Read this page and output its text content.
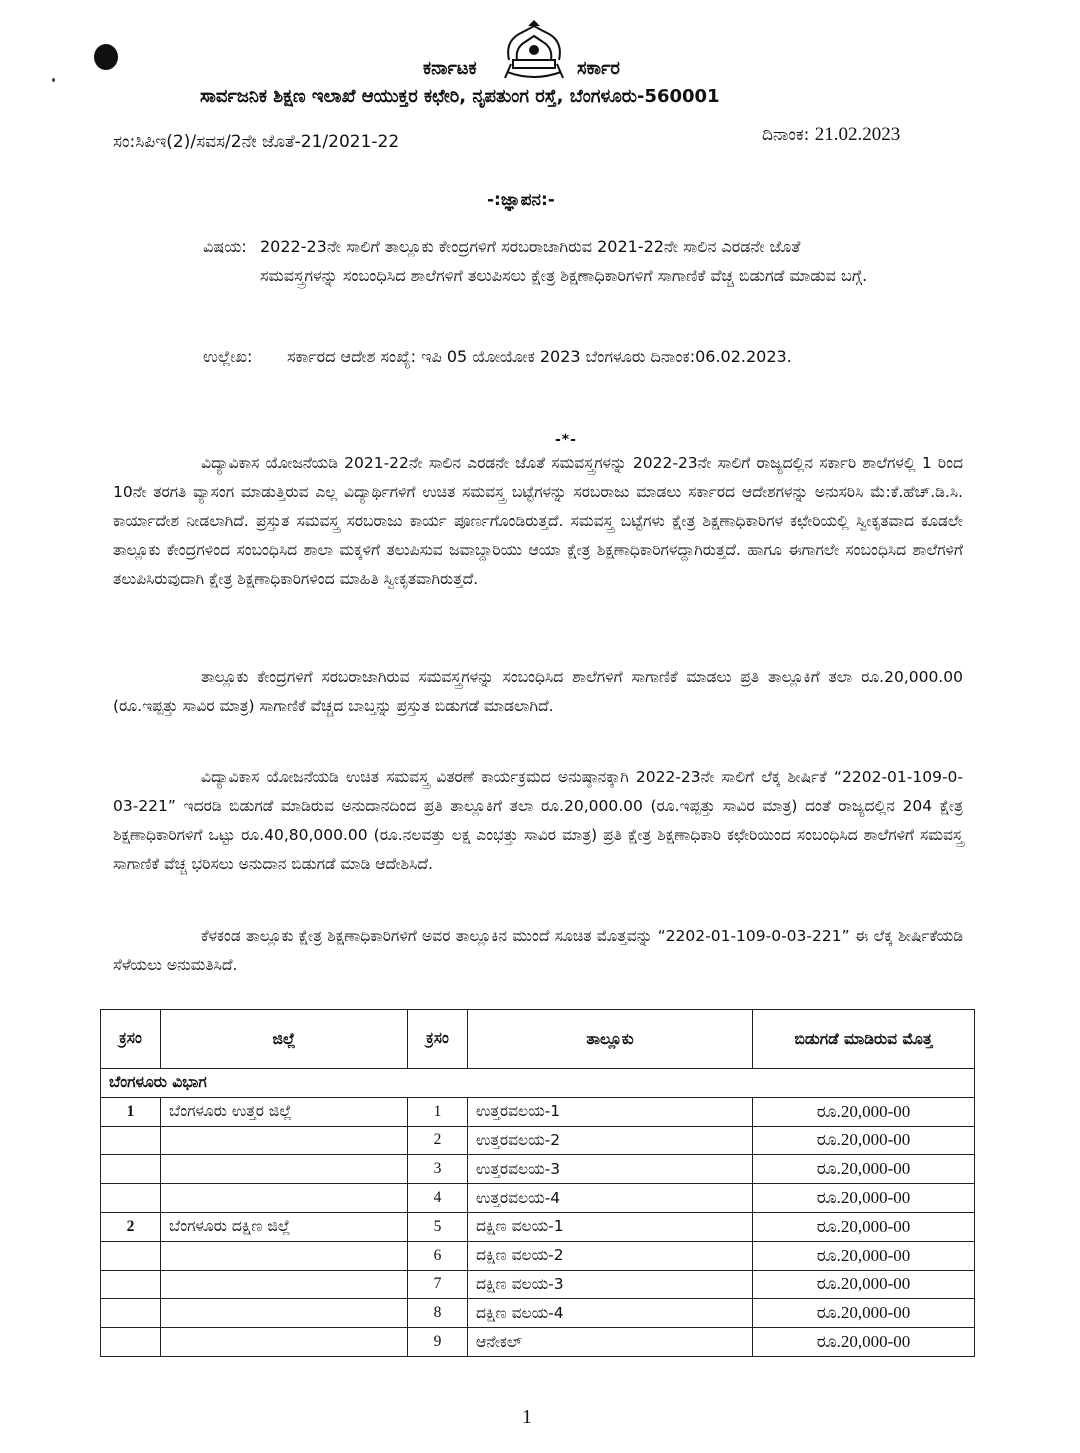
ಕರ್ನಾಟಕ	ಸರ್ಕಾರ
ಸಾರ್ವಜನಿಕ ಶಿಕ್ಷಣ ಇಲಾಖೆ ಆಯುಕ್ತರ ಕಛೇರಿ, ನೃಪತುಂಗ ರಸ್ತೆ, ಬೆಂಗಳೂರು-560001
ಸಂ:ಸಿಪಿಇ(2)/ಸವಸ/2ನೇ ಜೊತೆ-21/2021-22	ದಿನಾಂಕ: 21.02.2023
-:ಜ್ಞಾಪನ:-
ವಿಷಯ: 2022-23ನೇ ಸಾಲಿಗೆ ತಾಲ್ಲೂಕು ಕೇಂದ್ರಗಳಿಗೆ ಸರಬರಾಜಾಗಿರುವ 2021-22ನೇ ಸಾಲಿನ ಎರಡನೇ ಜೊತೆ ಸಮವಸ್ತ್ರಗಳನ್ನು ಸಂಬಂಧಿಸಿದ ಶಾಲೆಗಳಿಗೆ ತಲುಪಿಸಲು ಕ್ಷೇತ್ರ ಶಿಕ್ಷಣಾಧಿಕಾರಿಗಳಿಗೆ ಸಾಗಾಣಿಕೆ ವೆಚ್ಚ ಬಿಡುಗಡೆ ಮಾಡುವ ಬಗ್ಗೆ.
ಉಲ್ಲೇಖ: ಸರ್ಕಾರದ ಆದೇಶ ಸಂಖ್ಯೆ: ಇಪಿ 05 ಯೋಯೋಕ 2023 ಬೆಂಗಳೂರು ದಿನಾಂಕ:06.02.2023.
-*-
ವಿದ್ಯಾವಿಕಾಸ ಯೋಜನೆಯಡಿ 2021-22ನೇ ಸಾಲಿನ ಎರಡನೇ ಜೊತೆ ಸಮವಸ್ತ್ರಗಳನ್ನು 2022-23ನೇ ಸಾಲಿಗೆ ರಾಜ್ಯದಲ್ಲಿನ ಸರ್ಕಾರಿ ಶಾಲೆಗಳಲ್ಲಿ 1 ರಿಂದ 10ನೇ ತರಗತಿ ವ್ಯಾಸಂಗ ಮಾಡುತ್ತಿರುವ ಎಲ್ಲ ವಿದ್ಯಾರ್ಥಿಗಳಿಗೆ ಉಚಿತ ಸಮವಸ್ತ್ರ ಬಟ್ಟೆಗಳನ್ನು ಸರಬರಾಜು ಮಾಡಲು ಸರ್ಕಾರದ ಆದೇಶಗಳನ್ನು ಅನುಸರಿಸಿ ಮೆ:ಕೆ.ಹೆಚ್.ಡಿ.ಸಿ. ಕಾರ್ಯಾದೇಶ ನೀಡಲಾಗಿದೆ. ಪ್ರಸ್ತುತ ಸಮವಸ್ತ್ರ ಸರಬರಾಜು ಕಾರ್ಯ ಪೂರ್ಣಗೊಂಡಿರುತ್ತದೆ. ಸಮವಸ್ತ್ರ ಬಟ್ಟೆಗಳು ಕ್ಷೇತ್ರ ಶಿಕ್ಷಣಾಧಿಕಾರಿಗಳ ಕಛೇರಿಯಲ್ಲಿ ಸ್ವೀಕೃತವಾದ ಕೂಡಲೇ ತಾಲ್ಲೂಕು ಕೇಂದ್ರಗಳಿಂದ ಸಂಬಂಧಿಸಿದ ಶಾಲಾ ಮಕ್ಕಳಿಗೆ ತಲುಪಿಸುವ ಜವಾಬ್ದಾರಿಯು ಆಯಾ ಕ್ಷೇತ್ರ ಶಿಕ್ಷಣಾಧಿಕಾರಿಗಳದ್ದಾಗಿರುತ್ತದೆ. ಹಾಗೂ ಈಗಾಗಲೇ ಸಂಬಂಧಿಸಿದ ಶಾಲೆಗಳಿಗೆ ತಲುಪಿಸಿರುವುದಾಗಿ ಕ್ಷೇತ್ರ ಶಿಕ್ಷಣಾಧಿಕಾರಿಗಳಿಂದ ಮಾಹಿತಿ ಸ್ವೀಕೃತವಾಗಿರುತ್ತದೆ.
ತಾಲ್ಲೂಕು ಕೇಂದ್ರಗಳಿಗೆ ಸರಬರಾಜಾಗಿರುವ ಸಮವಸ್ತ್ರಗಳನ್ನು ಸಂಬಂಧಿಸಿದ ಶಾಲೆಗಳಿಗೆ ಸಾಗಾಣಿಕೆ ಮಾಡಲು ಪ್ರತಿ ತಾಲ್ಲೂಕಿಗೆ ತಲಾ ರೂ.20,000.00 (ರೂ.ಇಪ್ಪತ್ತು ಸಾವಿರ ಮಾತ್ರ) ಸಾಗಾಣಿಕೆ ವೆಚ್ಚದ ಬಾಬ್ತನ್ನು ಪ್ರಸ್ತುತ ಬಿಡುಗಡೆ ಮಾಡಲಾಗಿದೆ.
ವಿದ್ಯಾವಿಕಾಸ ಯೋಜನೆಯಡಿ ಉಚಿತ ಸಮವಸ್ತ್ರ ವಿತರಣೆ ಕಾರ್ಯಕ್ರಮದ ಅನುಷ್ಠಾನಕ್ಕಾಗಿ 2022-23ನೇ ಸಾಲಿಗೆ ಲೆಕ್ಕ ಶೀರ್ಷಿಕೆ “2202-01-109-0-03-221” ಇದರಡಿ ಬಿಡುಗಡೆ ಮಾಡಿರುವ ಅನುದಾನದಿಂದ ಪ್ರತಿ ತಾಲ್ಲೂಕಿಗೆ ತಲಾ ರೂ.20,000.00 (ರೂ.ಇಪ್ಪತ್ತು ಸಾವಿರ ಮಾತ್ರ) ದಂತೆ ರಾಜ್ಯದಲ್ಲಿನ 204 ಕ್ಷೇತ್ರ ಶಿಕ್ಷಣಾಧಿಕಾರಿಗಳಿಗೆ ಒಟ್ಟು ರೂ.40,80,000.00 (ರೂ.ನಲವತ್ತು ಲಕ್ಷ ಎಂಭತ್ತು ಸಾವಿರ ಮಾತ್ರ) ಪ್ರತಿ ಕ್ಷೇತ್ರ ಶಿಕ್ಷಣಾಧಿಕಾರಿ ಕಛೇರಿಯಿಂದ ಸಂಬಂಧಿಸಿದ ಶಾಲೆಗಳಿಗೆ ಸಮವಸ್ತ್ರ ಸಾಗಾಣಿಕೆ ವೆಚ್ಚ ಭರಿಸಲು ಅನುದಾನ ಬಿಡುಗಡೆ ಮಾಡಿ ಆದೇಶಿಸಿದೆ.
ಕೆಳಕಂಡ ತಾಲ್ಲೂಕು ಕ್ಷೇತ್ರ ಶಿಕ್ಷಣಾಧಿಕಾರಿಗಳಿಗೆ ಅವರ ತಾಲ್ಲೂಕಿನ ಮುಂದೆ ಸೂಚಿತ ಮೊತ್ತವನ್ನು “2202-01-109-0-03-221” ಈ ಲೆಕ್ಕ ಶೀರ್ಷಿಕೆಯಡಿ ಸೆಳೆಯಲು ಅನುಮತಿಸಿದೆ.
ಕ್ರಸಂ	ಜಿಲ್ಲೆ	ಕ್ರಸಂ	ತಾಲ್ಲೂಕು	ಬಿಡುಗಡೆ ಮಾಡಿರುವ ಮೊತ್ತ
ಬೆಂಗಳೂರು ವಿಭಾಗ				
1	ಬೆಂಗಳೂರು ಉತ್ತರ ಜಿಲ್ಲೆ	1	ಉತ್ತರವಲಯ-1	ರೂ.20,000-00
		2	ಉತ್ತರವಲಯ-2	ರೂ.20,000-00
		3	ಉತ್ತರವಲಯ-3	ರೂ.20,000-00
		4	ಉತ್ತರವಲಯ-4	ರೂ.20,000-00
2	ಬೆಂಗಳೂರು ದಕ್ಷಿಣ ಜಿಲ್ಲೆ	5	ದಕ್ಷಿಣ ವಲಯ-1	ರೂ.20,000-00
		6	ದಕ್ಷಿಣ ವಲಯ-2	ರೂ.20,000-00
		7	ದಕ್ಷಿಣ ವಲಯ-3	ರೂ.20,000-00
		8	ದಕ್ಷಿಣ ವಲಯ-4	ರೂ.20,000-00
		9	ಆನೇಕಲ್	ರೂ.20,000-00
1
